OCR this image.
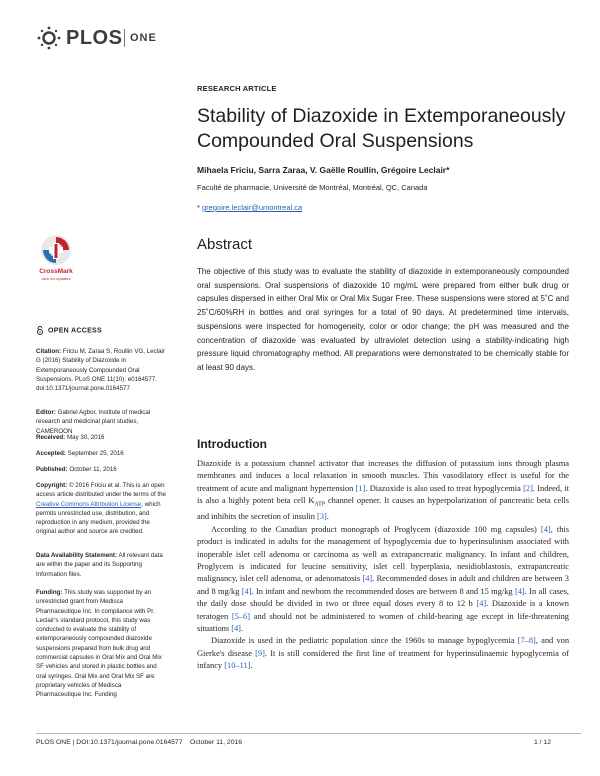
PLOS ONE
RESEARCH ARTICLE
Stability of Diazoxide in Extemporaneously Compounded Oral Suspensions
Mihaela Friciu, Sarra Zaraa, V. Gaëlle Roullin, Grégoire Leclair*
Faculté de pharmacie, Université de Montréal, Montréal, QC, Canada
* gregoire.leclair@umontreal.ca
CrossMark
click for updates
Abstract
The objective of this study was to evaluate the stability of diazoxide in extemporaneously compounded oral suspensions. Oral suspensions of diazoxide 10 mg/mL were prepared from either bulk drug or capsules dispersed in either Oral Mix or Oral Mix Sugar Free. These suspensions were stored at 5˚C and 25˚C/60%RH in bottles and oral syringes for a total of 90 days. At predetermined time intervals, suspensions were inspected for homogeneity, color or odor change; the pH was measured and the concentration of diazoxide was evaluated by ultraviolet detection using a stability-indicating high pressure liquid chromatography method. All preparations were demonstrated to be chemically stable for at least 90 days.
OPEN ACCESS
Citation: Friciu M, Zaraa S, Roullin VG, Leclair G (2016) Stability of Diazoxide in Extemporaneously Compounded Oral Suspensions. PLoS ONE 11(10): e0164577. doi:10.1371/journal.pone.0164577
Editor: Gabriel Agbor, Institute of medical research and medicinal plant studies, CAMEROON
Received: May 30, 2016
Accepted: September 25, 2016
Published: October 11, 2016
Copyright: © 2016 Friciu et al. This is an open access article distributed under the terms of the Creative Commons Attribution License, which permits unrestricted use, distribution, and reproduction in any medium, provided the original author and source are credited.
Data Availability Statement: All relevant data are within the paper and its Supporting Information files.
Funding: This study was supported by an unrestricted grant from Medisca Pharmaceutique Inc. In compliance with Pr. Leclair's standard protocol, this study was conducted to evaluate the stability of extemporaneously compounded diazoxide suspensions prepared from bulk drug and commercial capsules in Oral Mix and Oral Mix SF vehicles and stored in plastic bottles and oral syringes. Oral Mix and Oral Mix SF are proprietary vehicles of Medisca Pharmaceutique Inc. Funding
Introduction

Diazoxide is a potassium channel activator that increases the diffusion of potassium ions through plasma membranes and induces a local relaxation in smooth muscles. This vasodilatory effect is useful for the treatment of acute and malignant hypertension [1]. Diazoxide is also used to treat hypoglycemia [2]. Indeed, it is also a highly potent beta cell $K_{ATP}$ channel opener. It causes an hyperpolarization of pancreatic beta cells and inhibits the secretion of insulin [3].

According to the Canadian product monograph of Proglycem (diazoxide 100 mg capsules) [4], this product is indicated in adults for the management of hypoglycemia due to hyperinsulinism associated with inoperable islet cell adenoma or carcinoma as well as extrapancreatic malignancy. In infant and children, Proglycem is indicated for leucine sensitivity, islet cell hyperplasia, nesidioblastosis, extrapancreatic malignancy, islet cell adenoma, or adenomatosis [4]. Recommended doses in adult and children are between 3 and 8 mg/kg [4]. In infant and newborn the recommended doses are between 8 and 15 mg/kg [4]. In all cases, the daily dose should be divided in two or three equal doses every 8 to 12 h [4]. Diazoxide is a known teratogen [5–6] and should not be administered to women of child-bearing age except in life-threatening situations [4].

Diazoxide is used in the pediatric population since the 1960s to manage hypoglycemia [7–8], and von Gierke's disease [9]. It is still considered the first line of treatment for hyperinsulinaemic hypoglycemia of infancy [10–11].

PLOS ONE | DOI:10.1371/journal.pone.0164577    October 11, 2016	1 / 12
